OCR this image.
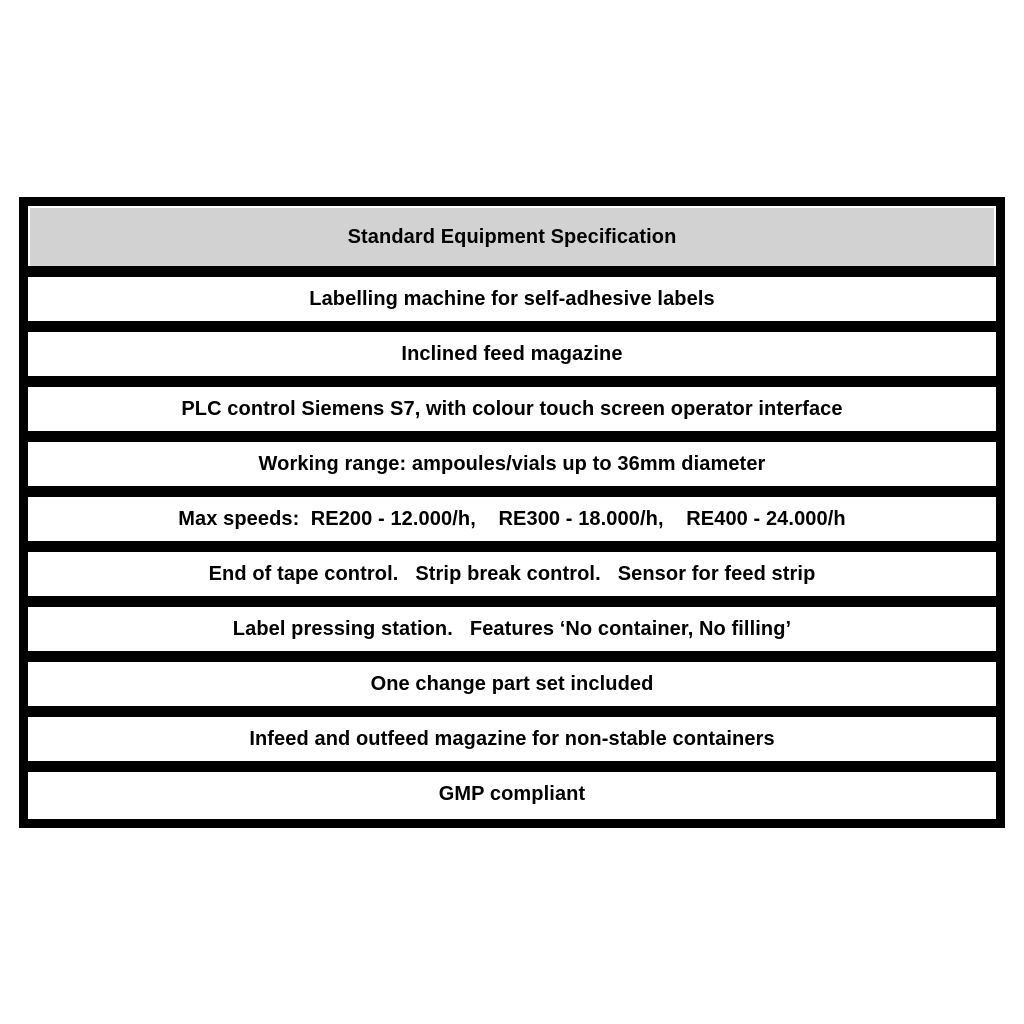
Standard Equipment Specification
Labelling machine for self-adhesive labels
Inclined feed magazine
PLC control Siemens S7, with colour touch screen operator interface
Working range: ampoules/vials up to 36mm diameter
Max speeds:  RE200 - 12.000/h,    RE300 - 18.000/h,    RE400 - 24.000/h
End of tape control.   Strip break control.   Sensor for feed strip
Label pressing station.   Features ‘No container, No filling’
One change part set included
Infeed and outfeed magazine for non-stable containers
GMP compliant
